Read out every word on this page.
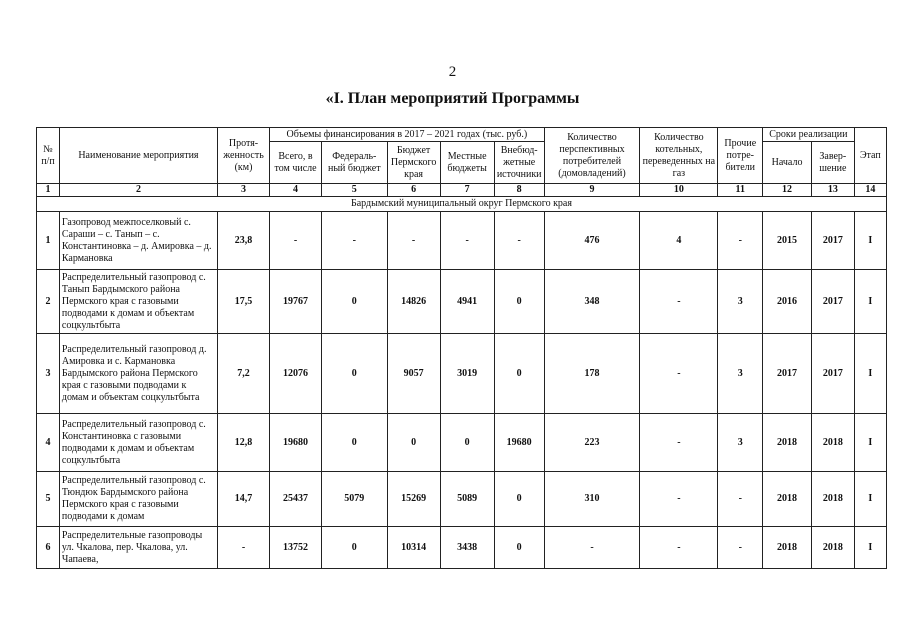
2
«I. План мероприятий Программы
№ п/п	Наименование мероприятия	Протя-женность (км)	Объемы финансирования в 2017 – 2021 годах (тыс. руб.)					Количество перспективных потребителей (домовладений)	Количество котельных, переведенных на газ	Прочие потре-бители	Сроки реализации		Этап
			Всего, в том числе	Федераль-ный бюджет	Бюджет Пермского края	Местные бюджеты	Внебюд-жетные источники				Начало	Завер-шение	
1	2	3	4	5	6	7	8	9	10	11	12	13	14
Бардымский муниципальный округ Пермского края													
1	Газопровод межпоселковый с. Сараши – с. Танып – с. Константиновка – д. Амировка – д. Кармановка	23,8	-	-	-	-	-	476	4	-	2015	2017	I
2	Распределительный газопровод с. Танып Бардымского района Пермского края с газовыми подводами к домам и объектам соцкультбыта	17,5	19767	0	14826	4941	0	348	-	3	2016	2017	I
3	Распределительный газопровод д. Амировка и с. Кармановка Бардымского района Пермского края с газовыми подводами к домам и объектам соцкультбыта	7,2	12076	0	9057	3019	0	178	-	3	2017	2017	I
4	Распределительный газопровод с. Константиновка с газовыми подводами к домам и объектам соцкультбыта	12,8	19680	0	0	0	19680	223	-	3	2018	2018	I
5	Распределительный газопровод с. Тюндюк Бардымского района Пермского края с газовыми подводами к домам	14,7	25437	5079	15269	5089	0	310	-	-	2018	2018	I
6	Распределительные газопроводы ул. Чкалова, пер. Чкалова, ул. Чапаева,	-	13752	0	10314	3438	0	-	-	-	2018	2018	I
